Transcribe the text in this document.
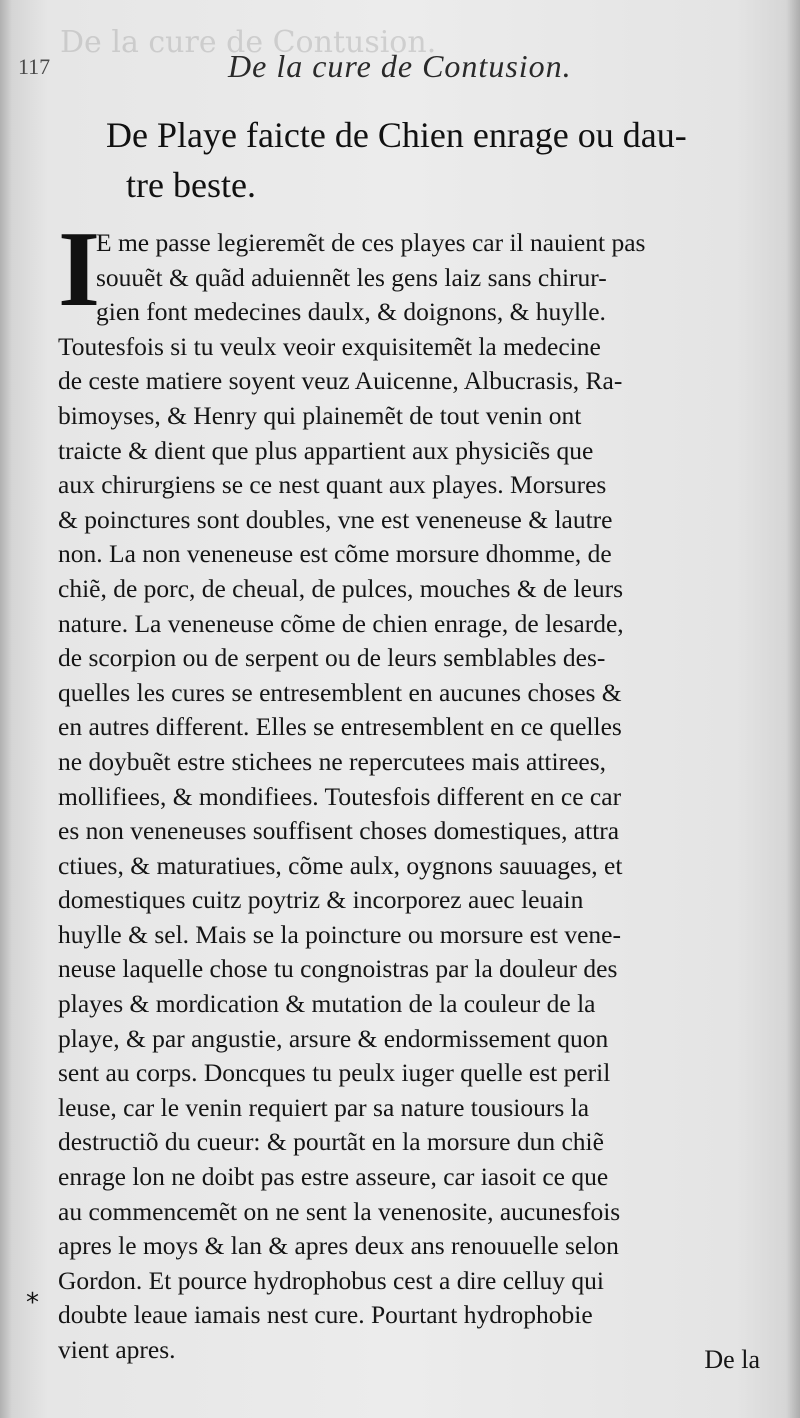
De la cure de Contusion.
117	De la cure de Contusion.
De Playe faicte de Chien enrage ou dau-
tre beste.
I
E me passe legieremẽt de ces playes car il nauient pas
souuẽt & quãd aduiennẽt les gens laiz sans chirur-
gien font medecines daulx, & doignons, & huylle.
Toutesfois si tu veulx veoir exquisitemẽt la medecine
de ceste matiere soyent veuz Auicenne, Albucrasis, Ra-
bimoyses, & Henry qui plainemẽt de tout venin ont
traicte & dient que plus appartient aux physiciẽs que
aux chirurgiens se ce nest quant aux playes. Morsures
& poinctures sont doubles, vne est veneneuse & lautre
non. La non veneneuse est cõme morsure dhomme, de
chiẽ, de porc, de cheual, de pulces, mouches & de leurs
nature. La veneneuse cõme de chien enrage, de lesarde,
de scorpion ou de serpent ou de leurs semblables des-
quelles les cures se entresemblent en aucunes choses &
en autres different. Elles se entresemblent en ce quelles
ne doybuẽt estre stichees ne repercutees mais attirees,
mollifiees, & mondifiees. Toutesfois different en ce car
es non veneneuses souffisent choses domestiques, attra
ctiues, & maturatiues, cõme aulx, oygnons sauuages, et
domestiques cuitz poytriz & incorporez auec leuain
huylle & sel. Mais se la poincture ou morsure est vene-
neuse laquelle chose tu congnoistras par la douleur des
playes & mordication & mutation de la couleur de la
playe, & par angustie, arsure & endormissement quon
sent au corps. Doncques tu peulx iuger quelle est peril
leuse, car le venin requiert par sa nature tousiours la
destructiõ du cueur: & pourtãt en la morsure dun chiẽ
enrage lon ne doibt pas estre asseure, car iasoit ce que
au commencemẽt on ne sent la venenosite, aucunesfois
apres le moys & lan & apres deux ans renouuelle selon
Gordon. Et pource hydrophobus cest a dire celluy qui
doubte leaue iamais nest cure. Pourtant hydrophobie
vient apres.
*
De la
